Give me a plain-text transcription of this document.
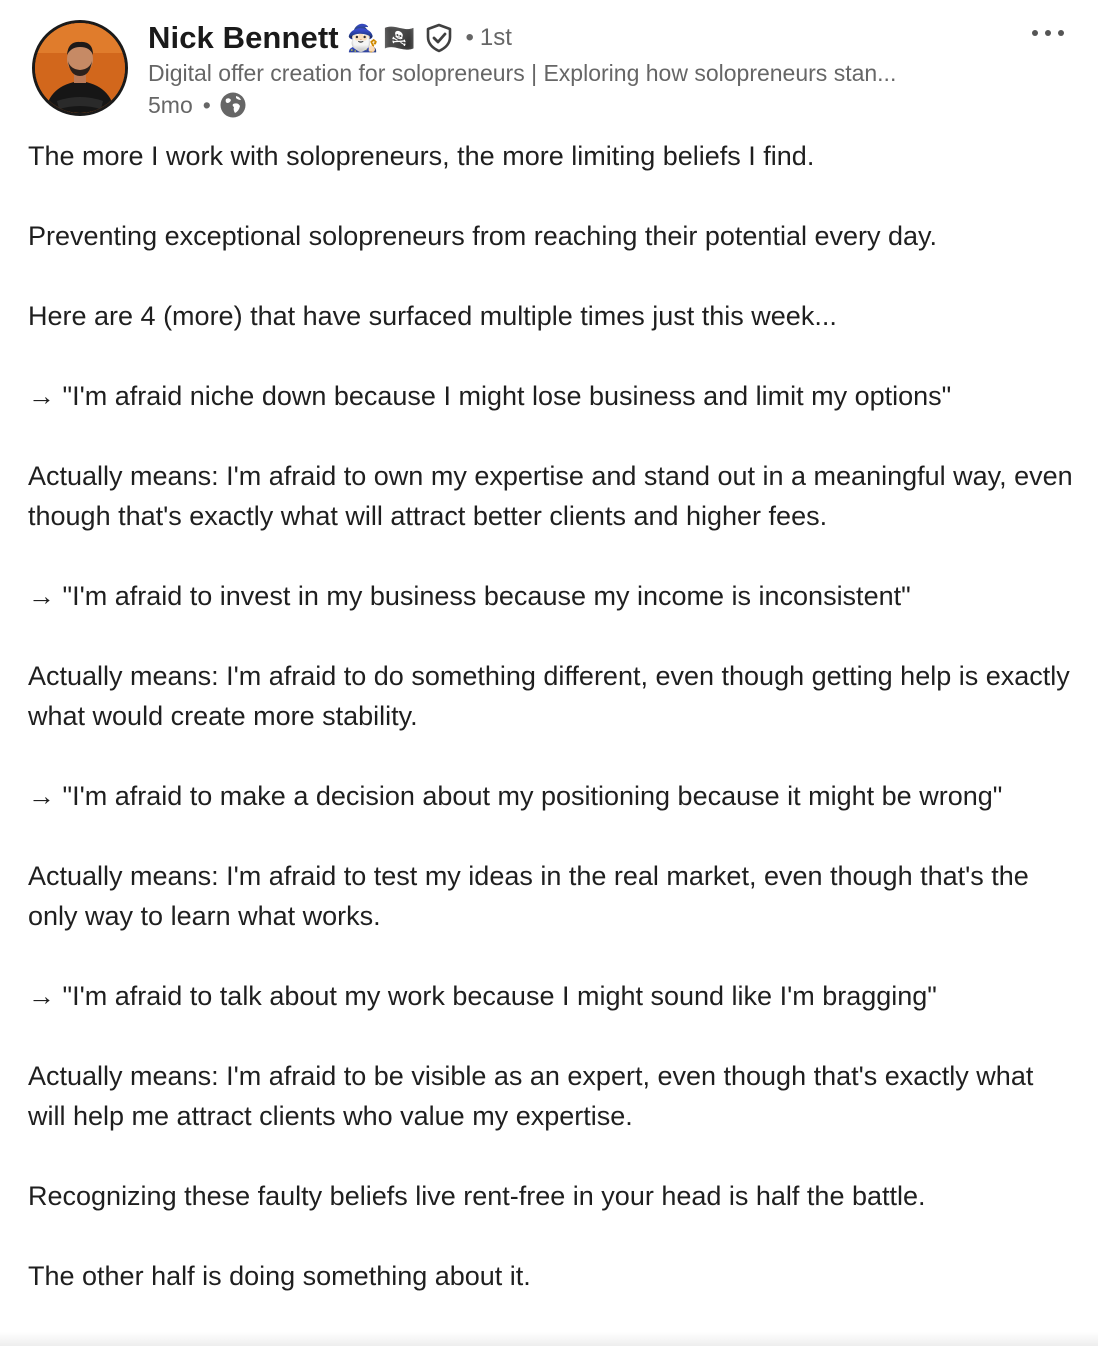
Nick Bennett 🧙🏻‍♂️ 🏴‍☠️ • 1st
Digital offer creation for solopreneurs | Exploring how solopreneurs stan...
5mo •

The more I work with solopreneurs, the more limiting beliefs I find.

Preventing exceptional solopreneurs from reaching their potential every day.

Here are 4 (more) that have surfaced multiple times just this week...

→ "I'm afraid niche down because I might lose business and limit my options"

Actually means: I'm afraid to own my expertise and stand out in a meaningful way, even though that's exactly what will attract better clients and higher fees.

→ "I'm afraid to invest in my business because my income is inconsistent"

Actually means: I'm afraid to do something different, even though getting help is exactly what would create more stability.

→ "I'm afraid to make a decision about my positioning because it might be wrong"

Actually means: I'm afraid to test my ideas in the real market, even though that's the only way to learn what works.

→ "I'm afraid to talk about my work because I might sound like I'm bragging"

Actually means: I'm afraid to be visible as an expert, even though that's exactly what will help me attract clients who value my expertise.

Recognizing these faulty beliefs live rent-free in your head is half the battle.

The other half is doing something about it.
